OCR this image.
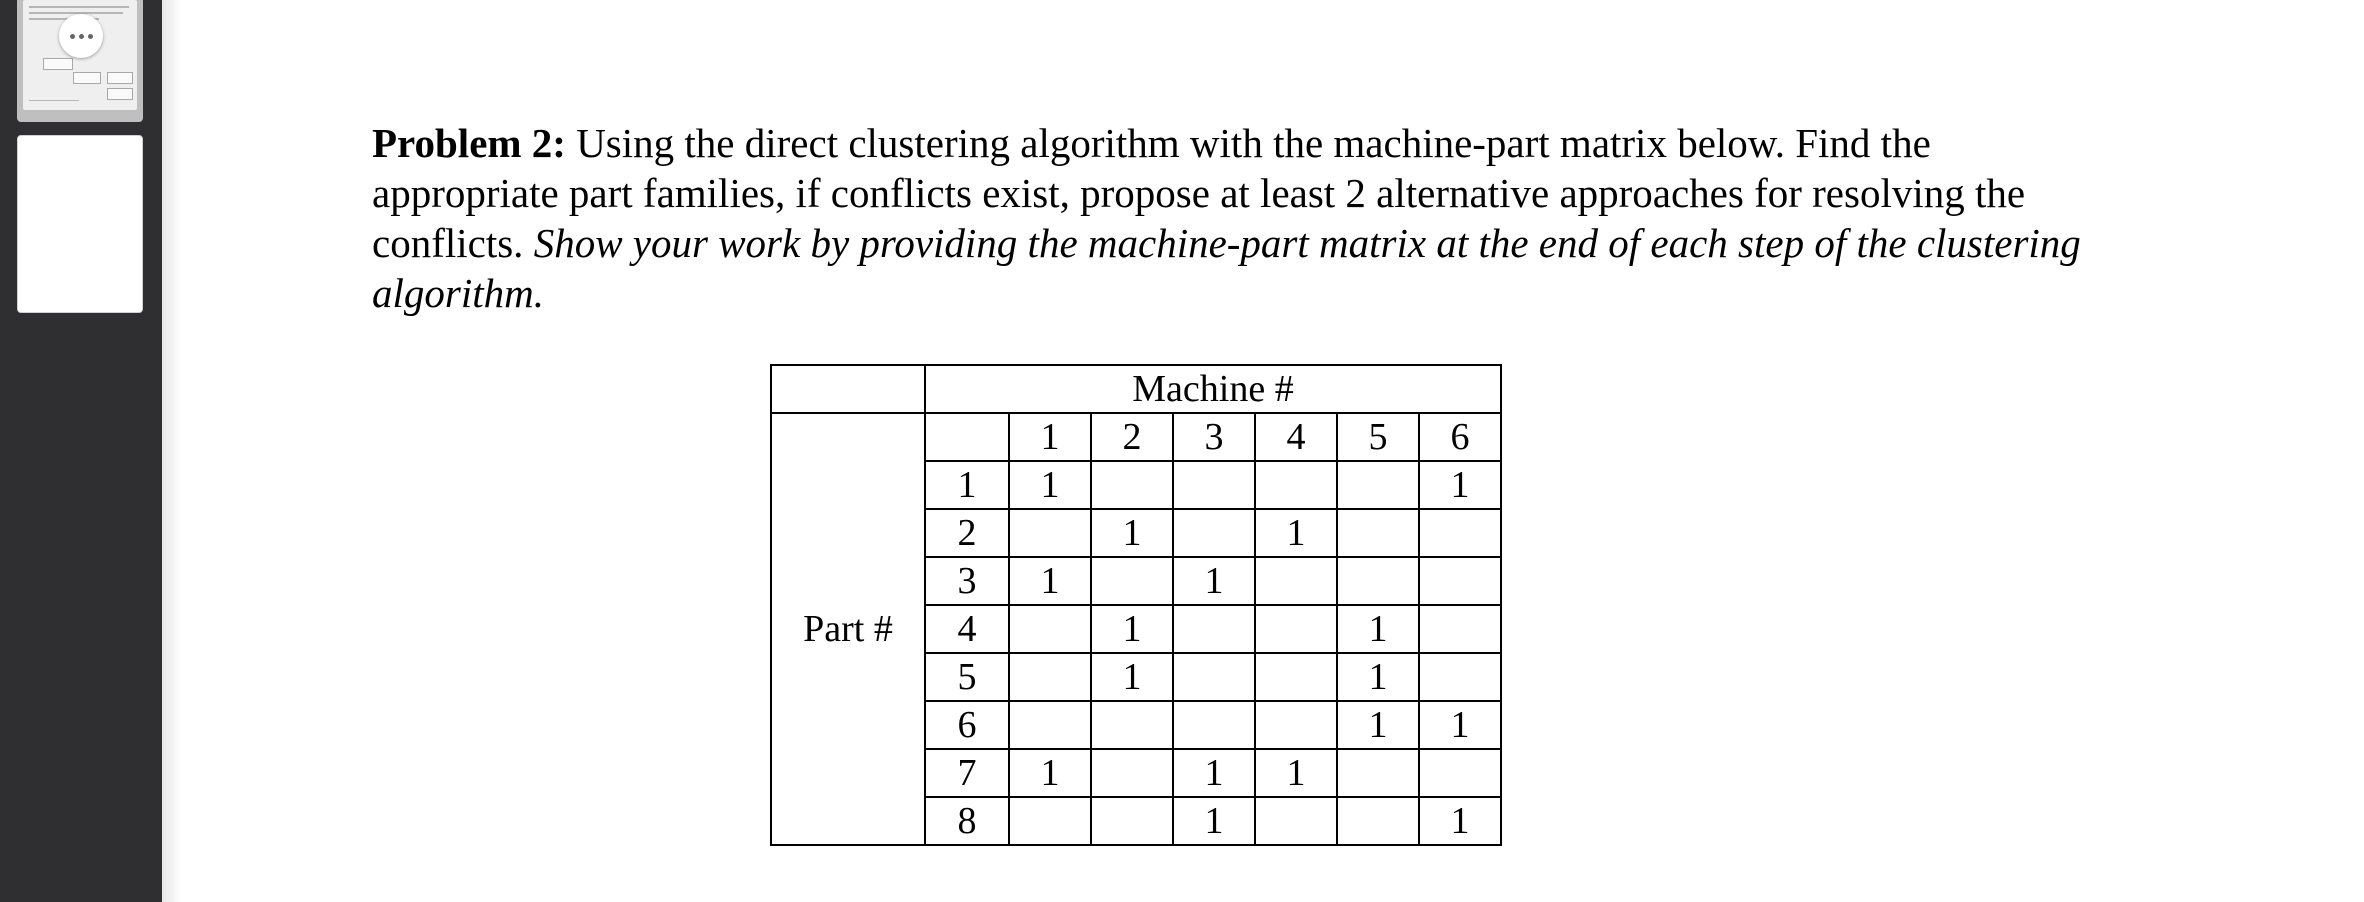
Problem 2: Using the direct clustering algorithm with the machine-part matrix below. Find the appropriate part families, if conflicts exist, propose at least 2 alternative approaches for resolving the conflicts. Show your work by providing the machine-part matrix at the end of each step of the clustering algorithm.

	Machine #						
Part #		1	2	3	4	5	6
	1	1					1
	2		1		1		
	3	1		1			
	4		1			1	
	5		1			1	
	6					1	1
	7	1		1	1		
	8			1			1
